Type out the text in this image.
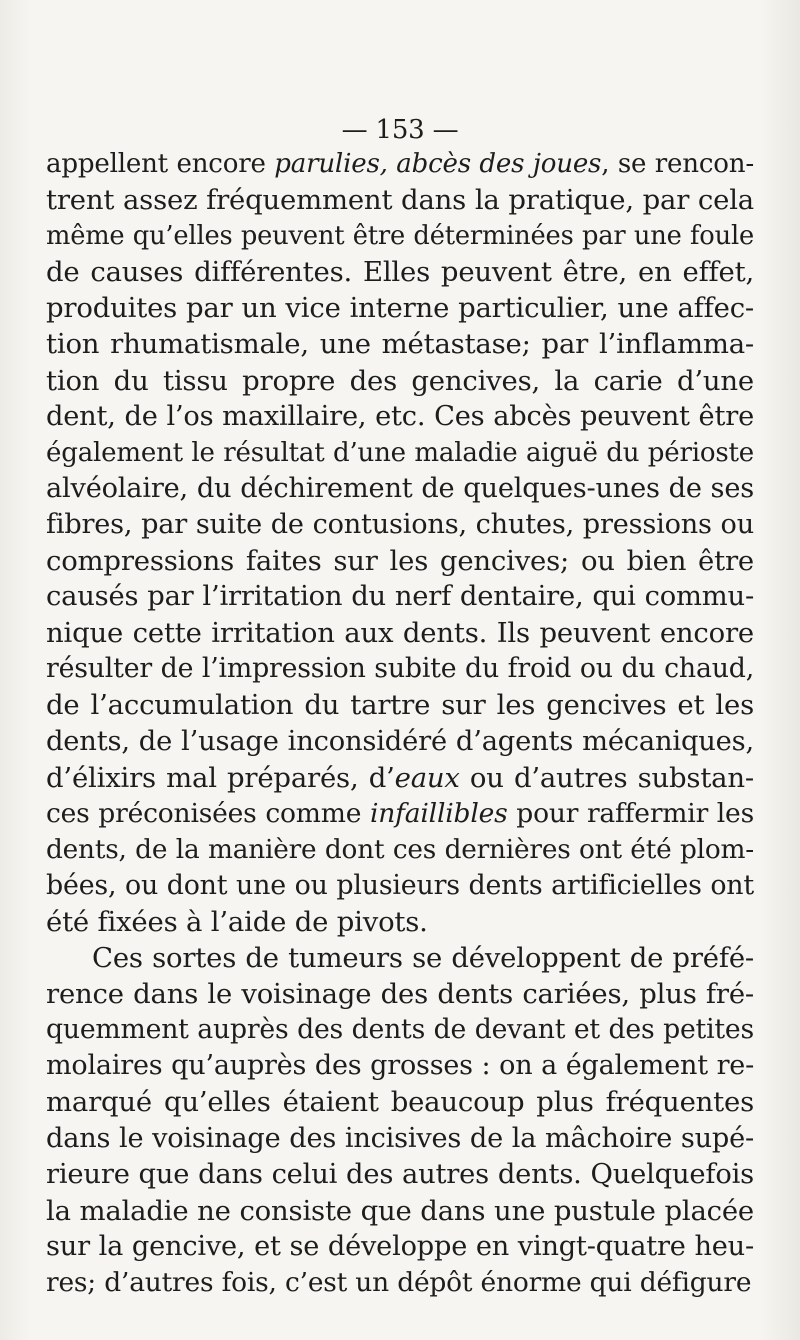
— 153 —
appellent encore parulies, abcès des joues, se rencon-
trent assez fréquemment dans la pratique, par cela
même qu’elles peuvent être déterminées par une foule
de causes différentes. Elles peuvent être, en effet,
produites par un vice interne particulier, une affec-
tion rhumatismale, une métastase; par l’inflamma-
tion du tissu propre des gencives, la carie d’une
dent, de l’os maxillaire, etc. Ces abcès peuvent être
également le résultat d’une maladie aiguë du périoste
alvéolaire, du déchirement de quelques-unes de ses
fibres, par suite de contusions, chutes, pressions ou
compressions faites sur les gencives; ou bien être
causés par l’irritation du nerf dentaire, qui commu-
nique cette irritation aux dents. Ils peuvent encore
résulter de l’impression subite du froid ou du chaud,
de l’accumulation du tartre sur les gencives et les
dents, de l’usage inconsidéré d’agents mécaniques,
d’élixirs mal préparés, d’eaux ou d’autres substan-
ces préconisées comme infaillibles pour raffermir les
dents, de la manière dont ces dernières ont été plom-
bées, ou dont une ou plusieurs dents artificielles ont
été fixées à l’aide de pivots.
Ces sortes de tumeurs se développent de préfé-
rence dans le voisinage des dents cariées, plus fré-
quemment auprès des dents de devant et des petites
molaires qu’auprès des grosses : on a également re-
marqué qu’elles étaient beaucoup plus fréquentes
dans le voisinage des incisives de la mâchoire supé-
rieure que dans celui des autres dents. Quelquefois
la maladie ne consiste que dans une pustule placée
sur la gencive, et se développe en vingt-quatre heu-
res; d’autres fois, c’est un dépôt énorme qui défigure
